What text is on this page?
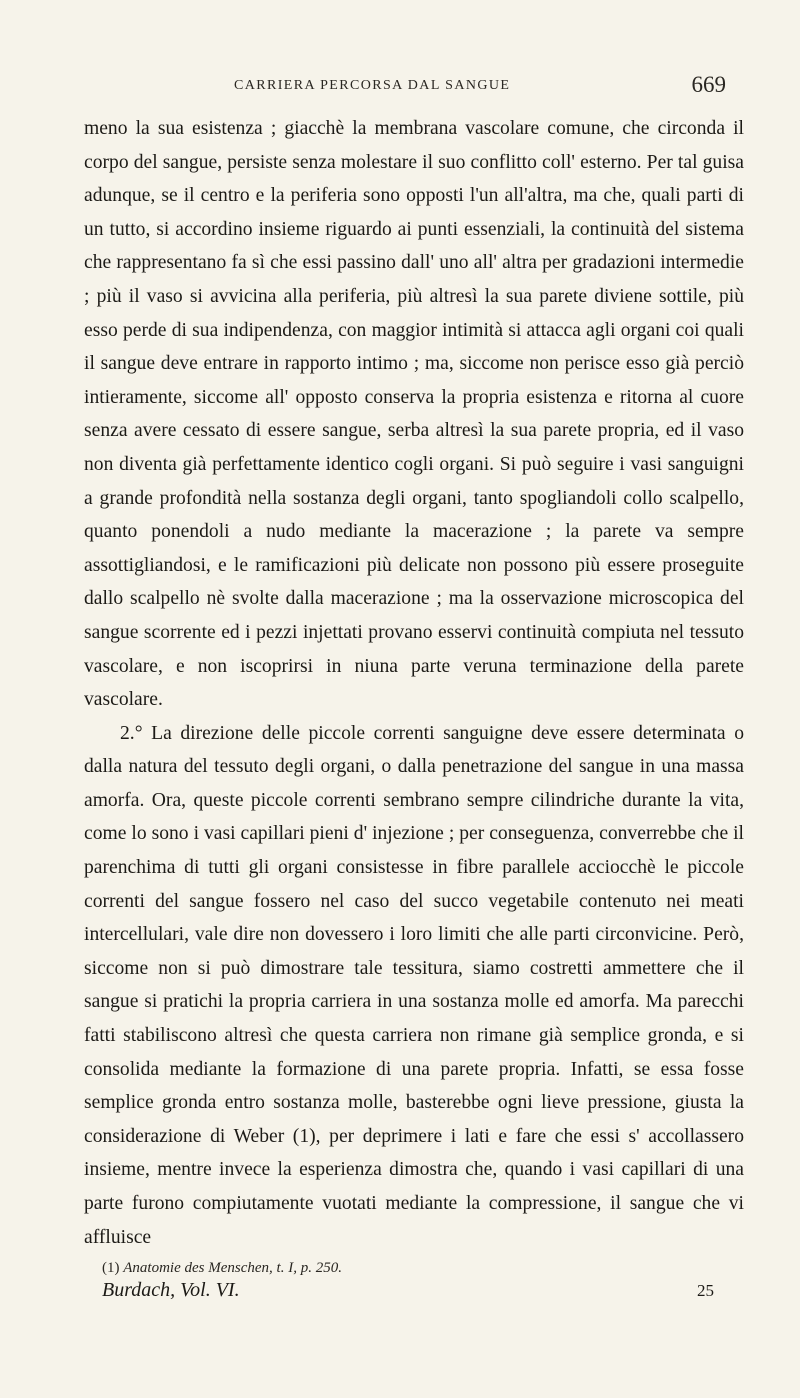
CARRIERA PERCORSA DAL SANGUE	669

meno la sua esistenza ; giacchè la membrana vascolare comune, che circonda il corpo del sangue, persiste senza molestare il suo conflitto coll' esterno. Per tal guisa adunque, se il centro e la periferia sono opposti l'un all'altra, ma che, quali parti di un tutto, si accordino insieme riguardo ai punti essenziali, la continuità del sistema che rappresentano fa sì che essi passino dall' uno all' altra per gradazioni intermedie ; più il vaso si avvicina alla periferia, più altresì la sua parete diviene sottile, più esso perde di sua indipendenza, con maggior intimità si attacca agli organi coi quali il sangue deve entrare in rapporto intimo ; ma, siccome non perisce esso già perciò intieramente, siccome all' opposto conserva la propria esistenza e ritorna al cuore senza avere cessato di essere sangue, serba altresì la sua parete propria, ed il vaso non diventa già perfettamente identico cogli organi. Si può seguire i vasi sanguigni a grande profondità nella sostanza degli organi, tanto spogliandoli collo scalpello, quanto ponendoli a nudo mediante la macerazione ; la parete va sempre assottigliandosi, e le ramificazioni più delicate non possono più essere proseguite dallo scalpello nè svolte dalla macerazione ; ma la osservazione microscopica del sangue scorrente ed i pezzi injettati provano esservi continuità compiuta nel tessuto vascolare, e non iscoprirsi in niuna parte veruna terminazione della parete vascolare.

2.° La direzione delle piccole correnti sanguigne deve essere determinata o dalla natura del tessuto degli organi, o dalla penetrazione del sangue in una massa amorfa. Ora, queste piccole correnti sembrano sempre cilindriche durante la vita, come lo sono i vasi capillari pieni d' injezione ; per conseguenza, converrebbe che il parenchima di tutti gli organi consistesse in fibre parallele acciocchè le piccole correnti del sangue fossero nel caso del succo vegetabile contenuto nei meati intercellulari, vale dire non dovessero i loro limiti che alle parti circonvicine. Però, siccome non si può dimostrare tale tessitura, siamo costretti ammettere che il sangue si pratichi la propria carriera in una sostanza molle ed amorfa. Ma parecchi fatti stabiliscono altresì che questa carriera non rimane già semplice gronda, e si consolida mediante la formazione di una parete propria. Infatti, se essa fosse semplice gronda entro sostanza molle, basterebbe ogni lieve pressione, giusta la considerazione di Weber (1), per deprimere i lati e fare che essi s' accollassero insieme, mentre invece la esperienza dimostra che, quando i vasi capillari di una parte furono compiutamente vuotati mediante la compressione, il sangue che vi affluisce

(1) Anatomie des Menschen, t. I, p. 250.
Burdach, Vol. VI.	25
